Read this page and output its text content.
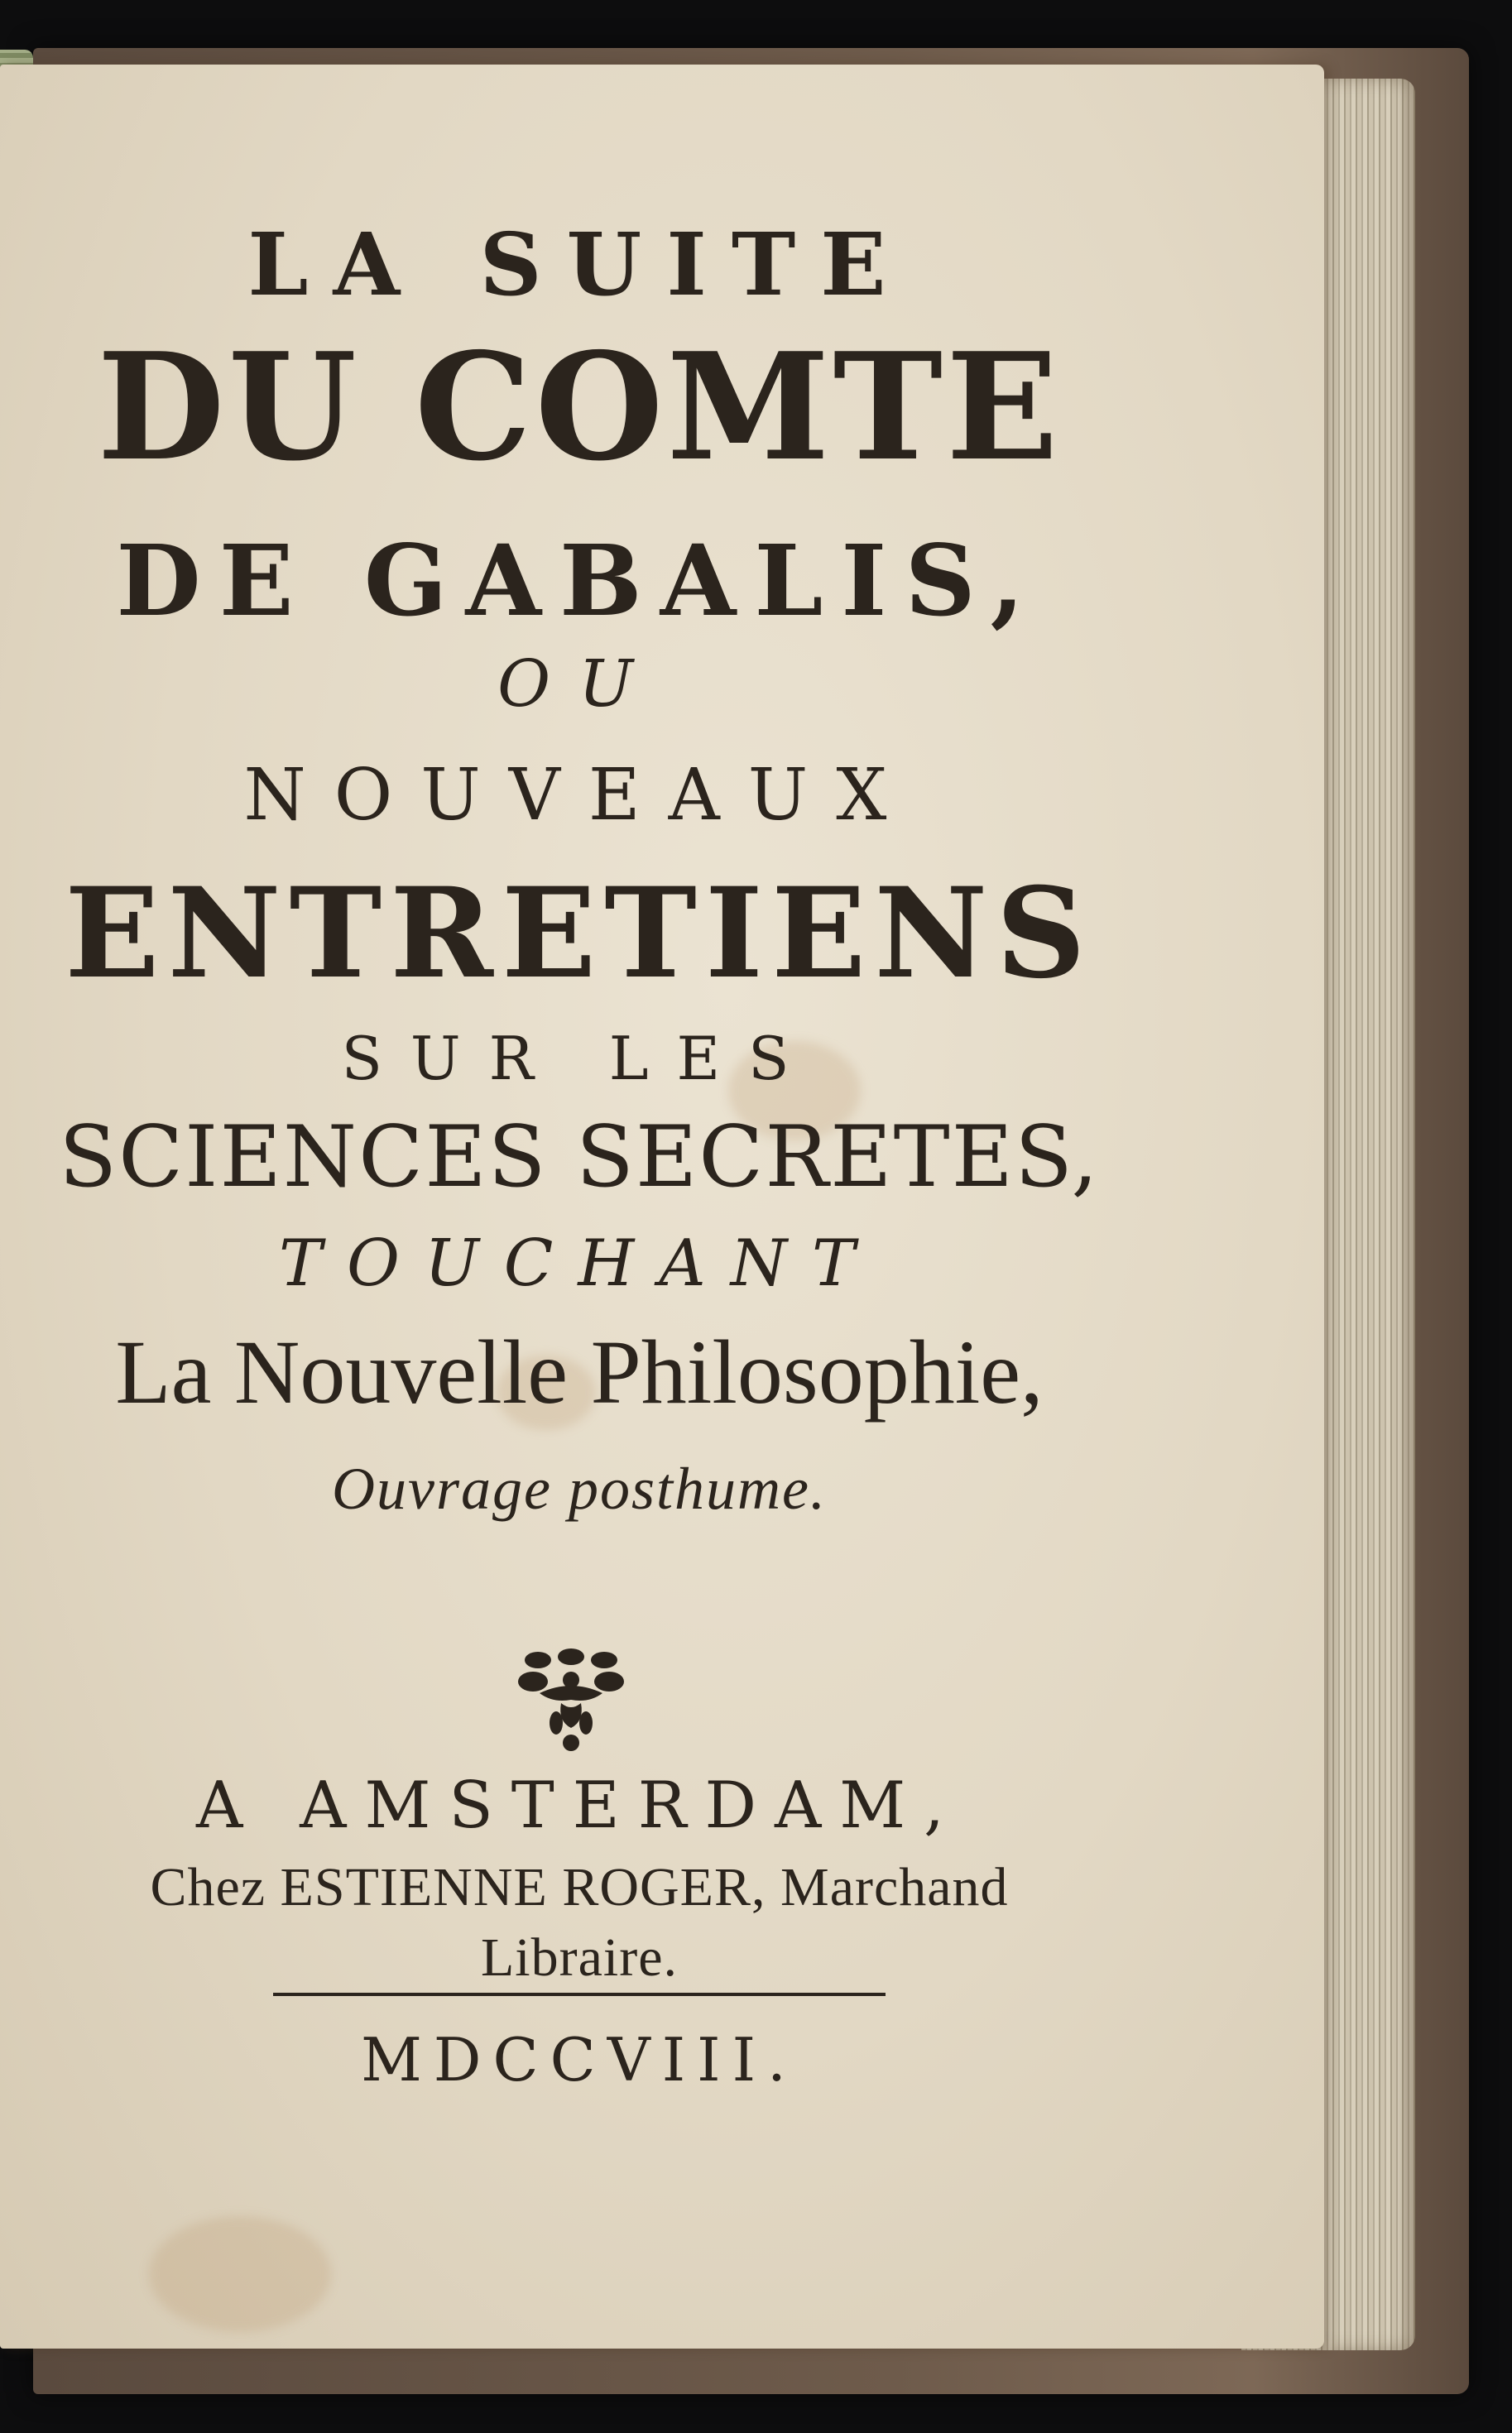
LA SUITE
DU COMTE
DE GABALIS,
OU
NOUVEAUX
ENTRETIENS
SUR LES
SCIENCES SECRETES,
TOUCHANT
La Nouvelle Philosophie,
Ouvrage posthume.
A AMSTERDAM,
Chez ESTIENNE ROGER, Marchand
Libraire.
MDCCVIII.
